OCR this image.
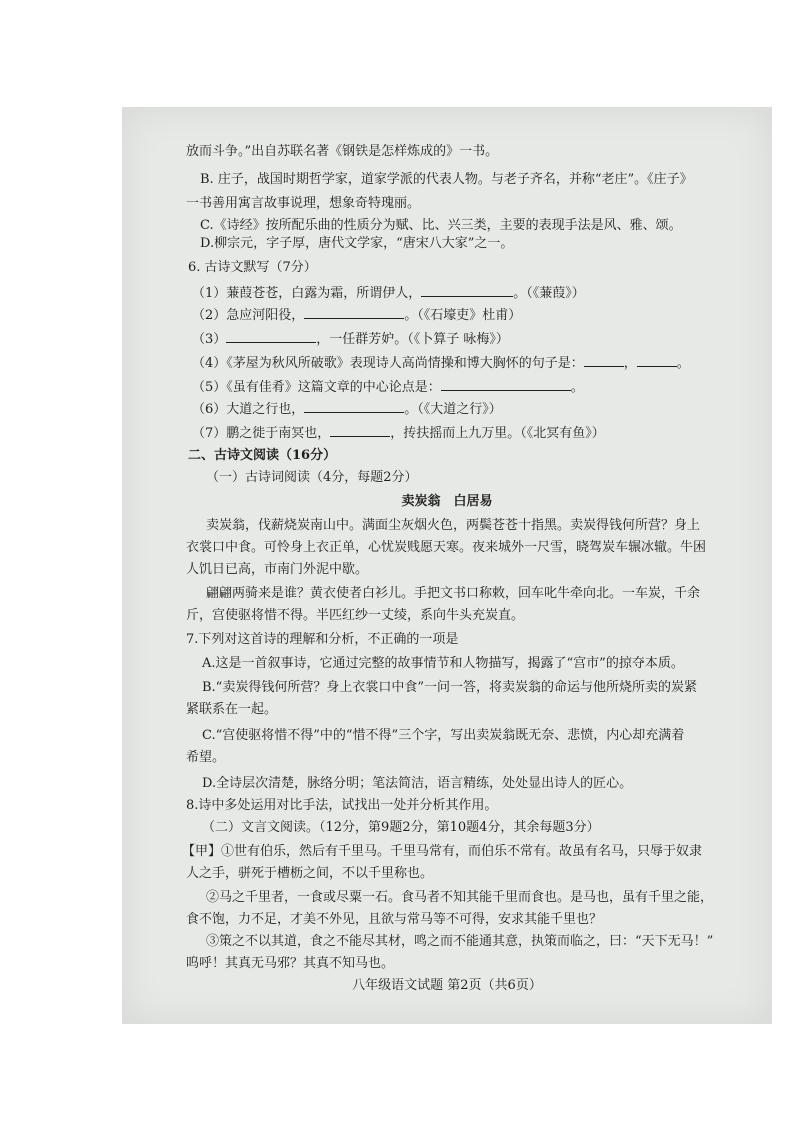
放而斗争。”出自苏联名著《钢铁是怎样炼成的》一书。
B. 庄子，战国时期哲学家，道家学派的代表人物。与老子齐名，并称“老庄”。《庄子》
一书善用寓言故事说理，想象奇特瑰丽。
C.《诗经》按所配乐曲的性质分为赋、比、兴三类，主要的表现手法是风、雅、颂。
D.柳宗元，字子厚，唐代文学家，“唐宋八大家”之一。
6. 古诗文默写（7分）
（1）蒹葭苍苍，白露为霜，所谓伊人，	。（《蒹葭》）
（2）急应河阳役，	。（《石壕吏》杜甫）
（3）	，一任群芳妒。（《卜算子 咏梅》）
（4）《茅屋为秋风所破歌》表现诗人高尚情操和博大胸怀的句子是：	，	。
（5）《虽有佳肴》这篇文章的中心论点是：	。
（6）大道之行也，	。（《大道之行》）
（7）鹏之徙于南冥也，	，抟扶摇而上九万里。（《北冥有鱼》）
二、古诗文阅读（16分）
（一）古诗词阅读（4分，每题2分）
卖炭翁　白居易
卖炭翁，伐薪烧炭南山中。满面尘灰烟火色，两鬓苍苍十指黑。卖炭得钱何所营？身上
衣裳口中食。可怜身上衣正单，心忧炭贱愿天寒。夜来城外一尺雪，晓驾炭车辗冰辙。牛困
人饥日已高，市南门外泥中歇。
翩翩两骑来是谁？黄衣使者白衫儿。手把文书口称敕，回车叱牛牵向北。一车炭，千余
斤，宫使驱将惜不得。半匹红纱一丈绫，系向牛头充炭直。
7.下列对这首诗的理解和分析，不正确的一项是
A.这是一首叙事诗，它通过完整的故事情节和人物描写，揭露了“宫市”的掠夺本质。
B.“卖炭得钱何所营？身上衣裳口中食”一问一答，将卖炭翁的命运与他所烧所卖的炭紧
紧联系在一起。
C.“宫使驱将惜不得”中的“惜不得”三个字，写出卖炭翁既无奈、悲愤，内心却充满着
希望。
D.全诗层次清楚，脉络分明；笔法简洁，语言精练，处处显出诗人的匠心。
8.诗中多处运用对比手法，试找出一处并分析其作用。
（二）文言文阅读。（12分，第9题2分，第10题4分，其余每题3分）
【甲】①世有伯乐，然后有千里马。千里马常有，而伯乐不常有。故虽有名马，只辱于奴隶
人之手，骈死于槽枥之间，不以千里称也。
②马之千里者，一食或尽粟一石。食马者不知其能千里而食也。是马也，虽有千里之能，
食不饱，力不足，才美不外见，且欲与常马等不可得，安求其能千里也？
③策之不以其道，食之不能尽其材，鸣之而不能通其意，执策而临之，曰：“天下无马！”
呜呼！其真无马邪？其真不知马也。
八年级语文试题 第2页（共6页）
